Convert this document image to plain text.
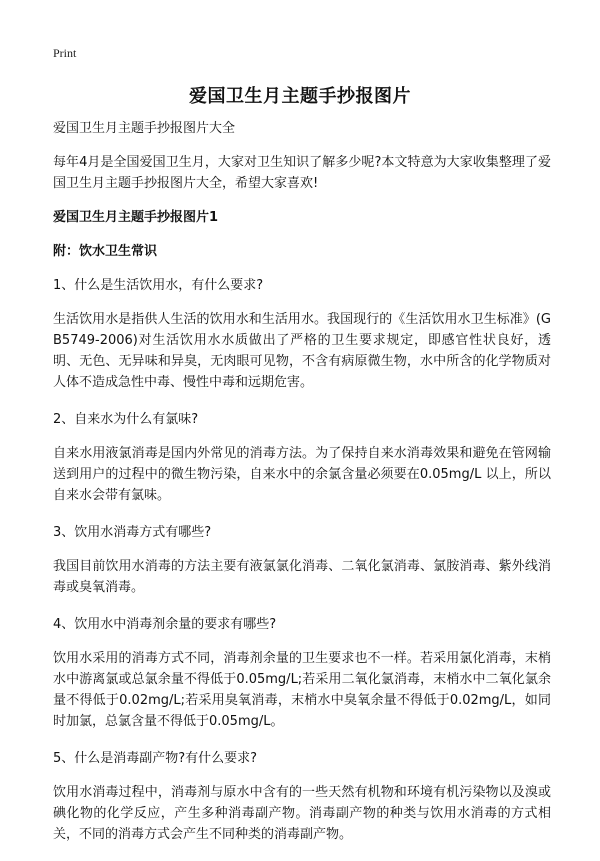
Print
爱国卫生月主题手抄报图片

爱国卫生月主题手抄报图片大全

每年4月是全国爱国卫生月，大家对卫生知识了解多少呢?本文特意为大家收集整理了爱国卫生月主题手抄报图片大全，希望大家喜欢!

爱国卫生月主题手抄报图片1
附：饮水卫生常识

1、什么是生活饮用水，有什么要求?

生活饮用水是指供人生活的饮用水和生活用水。我国现行的《生活饮用水卫生标准》(GB5749-2006)对生活饮用水水质做出了严格的卫生要求规定，即感官性状良好，透明、无色、无异味和异臭，无肉眼可见物，不含有病原微生物，水中所含的化学物质对人体不造成急性中毒、慢性中毒和远期危害。

2、自来水为什么有氯味?

自来水用液氯消毒是国内外常见的消毒方法。为了保持自来水消毒效果和避免在管网输送到用户的过程中的微生物污染，自来水中的余氯含量必须要在0.05mg/L 以上，所以自来水会带有氯味。

3、饮用水消毒方式有哪些?

我国目前饮用水消毒的方法主要有液氯氯化消毒、二氧化氯消毒、氯胺消毒、紫外线消毒或臭氧消毒。

4、饮用水中消毒剂余量的要求有哪些?

饮用水采用的消毒方式不同，消毒剂余量的卫生要求也不一样。若采用氯化消毒，末梢水中游离氯或总氯余量不得低于0.05mg/L;若采用二氧化氯消毒，末梢水中二氧化氯余量不得低于0.02mg/L;若采用臭氧消毒，末梢水中臭氧余量不得低于0.02mg/L，如同时加氯，总氯含量不得低于0.05mg/L。

5、什么是消毒副产物?有什么要求?

饮用水消毒过程中，消毒剂与原水中含有的一些天然有机物和环境有机污染物以及溴或碘化物的化学反应，产生多种消毒副产物。消毒副产物的种类与饮用水消毒的方式相关，不同的消毒方式会产生不同种类的消毒副产物。
